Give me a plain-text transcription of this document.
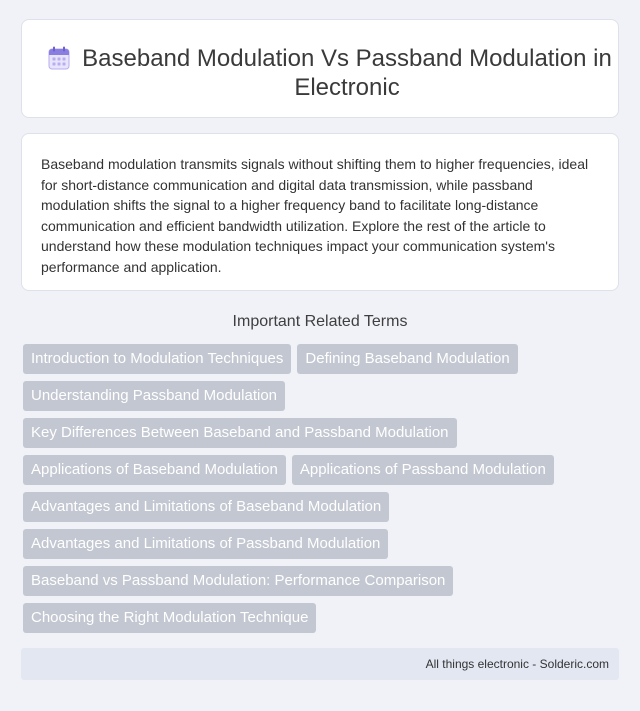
Baseband Modulation Vs Passband Modulation in Electronic

Baseband modulation transmits signals without shifting them to higher frequencies, ideal for short-distance communication and digital data transmission, while passband modulation shifts the signal to a higher frequency band to facilitate long-distance communication and efficient bandwidth utilization. Explore the rest of the article to understand how these modulation techniques impact your communication system's performance and application.

Important Related Terms
Introduction to Modulation Techniques	Defining Baseband Modulation
Understanding Passband Modulation
Key Differences Between Baseband and Passband Modulation
Applications of Baseband Modulation	Applications of Passband Modulation
Advantages and Limitations of Baseband Modulation
Advantages and Limitations of Passband Modulation
Baseband vs Passband Modulation: Performance Comparison
Choosing the Right Modulation Technique
All things electronic - Solderic.com
